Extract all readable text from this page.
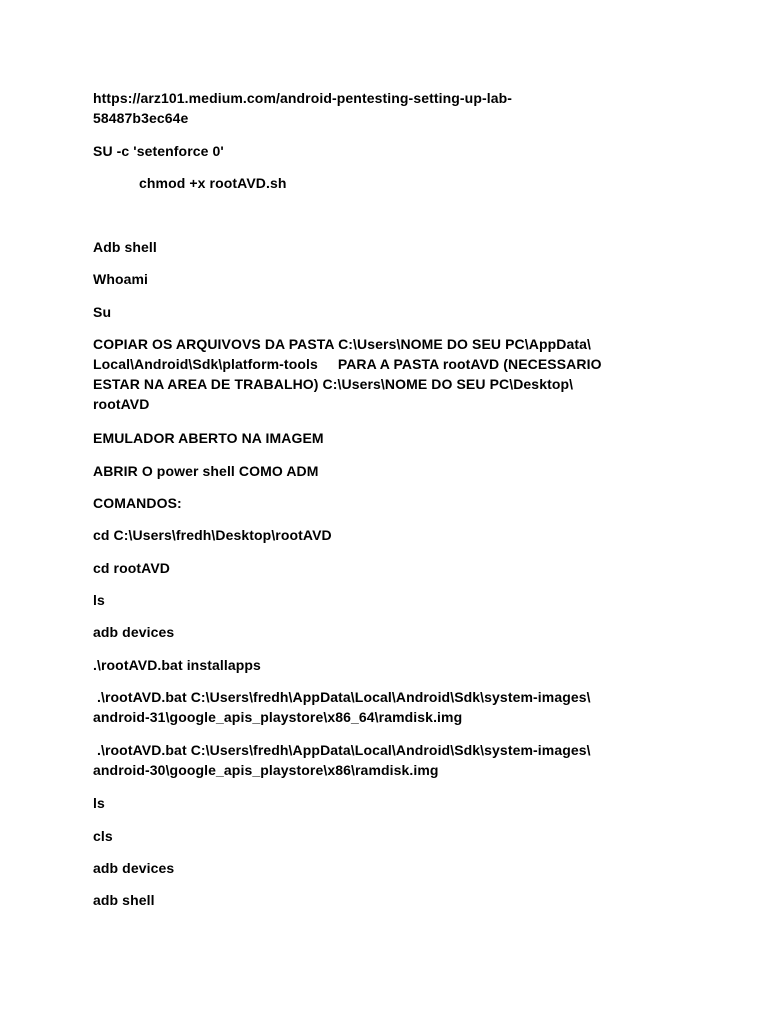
https://arz101.medium.com/android-pentesting-setting-up-lab-
58487b3ec64e
SU -c 'setenforce 0'
chmod +x rootAVD.sh
Adb shell
Whoami
Su
COPIAR OS ARQUIVOVS DA PASTA C:\Users\NOME DO SEU PC\AppData\
Local\Android\Sdk\platform-tools     PARA A PASTA rootAVD (NECESSARIO
ESTAR NA AREA DE TRABALHO) C:\Users\NOME DO SEU PC\Desktop\
rootAVD
EMULADOR ABERTO NA IMAGEM
ABRIR O power shell COMO ADM
COMANDOS:
cd C:\Users\fredh\Desktop\rootAVD
cd rootAVD
ls
adb devices
.\rootAVD.bat installapps
.\rootAVD.bat C:\Users\fredh\AppData\Local\Android\Sdk\system-images\
android-31\google_apis_playstore\x86_64\ramdisk.img
.\rootAVD.bat C:\Users\fredh\AppData\Local\Android\Sdk\system-images\
android-30\google_apis_playstore\x86\ramdisk.img
ls
cls
adb devices
adb shell
